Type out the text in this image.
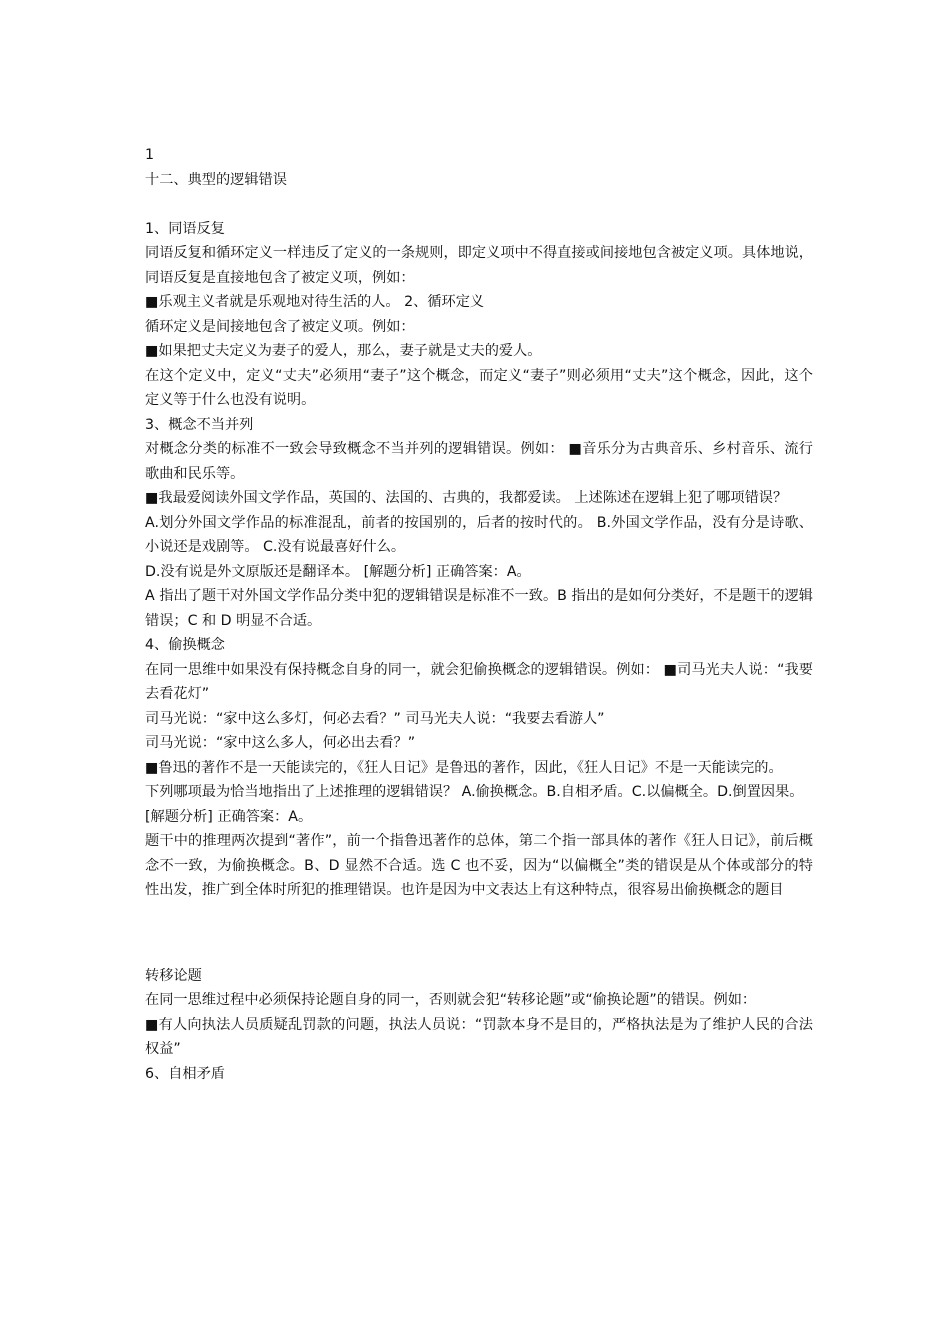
1

十二、典型的逻辑错误

1、同语反复

同语反复和循环定义一样违反了定义的一条规则，即定义项中不得直接或间接地包含被定义项。具体地说，同语反复是直接地包含了被定义项，例如：

■乐观主义者就是乐观地对待生活的人。 2、循环定义

循环定义是间接地包含了被定义项。例如：

■如果把丈夫定义为妻子的爱人，那么，妻子就是丈夫的爱人。

在这个定义中，定义“丈夫”必须用“妻子”这个概念，而定义“妻子”则必须用“丈夫”这个概念，因此，这个定义等于什么也没有说明。

3、概念不当并列

对概念分类的标准不一致会导致概念不当并列的逻辑错误。例如： ■音乐分为古典音乐、乡村音乐、流行歌曲和民乐等。

■我最爱阅读外国文学作品，英国的、法国的、古典的，我都爱读。 上述陈述在逻辑上犯了哪项错误？

A.划分外国文学作品的标准混乱，前者的按国别的，后者的按时代的。 B.外国文学作品，没有分是诗歌、小说还是戏剧等。 C.没有说最喜好什么。

D.没有说是外文原版还是翻译本。 [解题分析] 正确答案：A。

A 指出了题干对外国文学作品分类中犯的逻辑错误是标准不一致。B 指出的是如何分类好，不是题干的逻辑错误；C 和 D 明显不合适。

4、偷换概念

在同一思维中如果没有保持概念自身的同一，就会犯偷换概念的逻辑错误。例如： ■司马光夫人说：“我要去看花灯”

司马光说：“家中这么多灯，何必去看？” 司马光夫人说：“我要去看游人”

司马光说：“家中这么多人，何必出去看？”

■鲁迅的著作不是一天能读完的，《狂人日记》是鲁迅的著作，因此，《狂人日记》不是一天能读完的。

下列哪项最为恰当地指出了上述推理的逻辑错误？ A.偷换概念。B.自相矛盾。C.以偏概全。D.倒置因果。

[解题分析] 正确答案：A。

题干中的推理两次提到“著作”，前一个指鲁迅著作的总体，第二个指一部具体的著作《狂人日记》，前后概念不一致，为偷换概念。B、D 显然不合适。选 C 也不妥，因为“以偏概全”类的错误是从个体或部分的特性出发，推广到全体时所犯的推理错误。也许是因为中文表达上有这种特点，很容易出偷换概念的题目

转移论题

在同一思维过程中必须保持论题自身的同一，否则就会犯“转移论题”或“偷换论题”的错误。例如：

■有人向执法人员质疑乱罚款的问题，执法人员说：“罚款本身不是目的，严格执法是为了维护人民的合法权益”

6、自相矛盾
